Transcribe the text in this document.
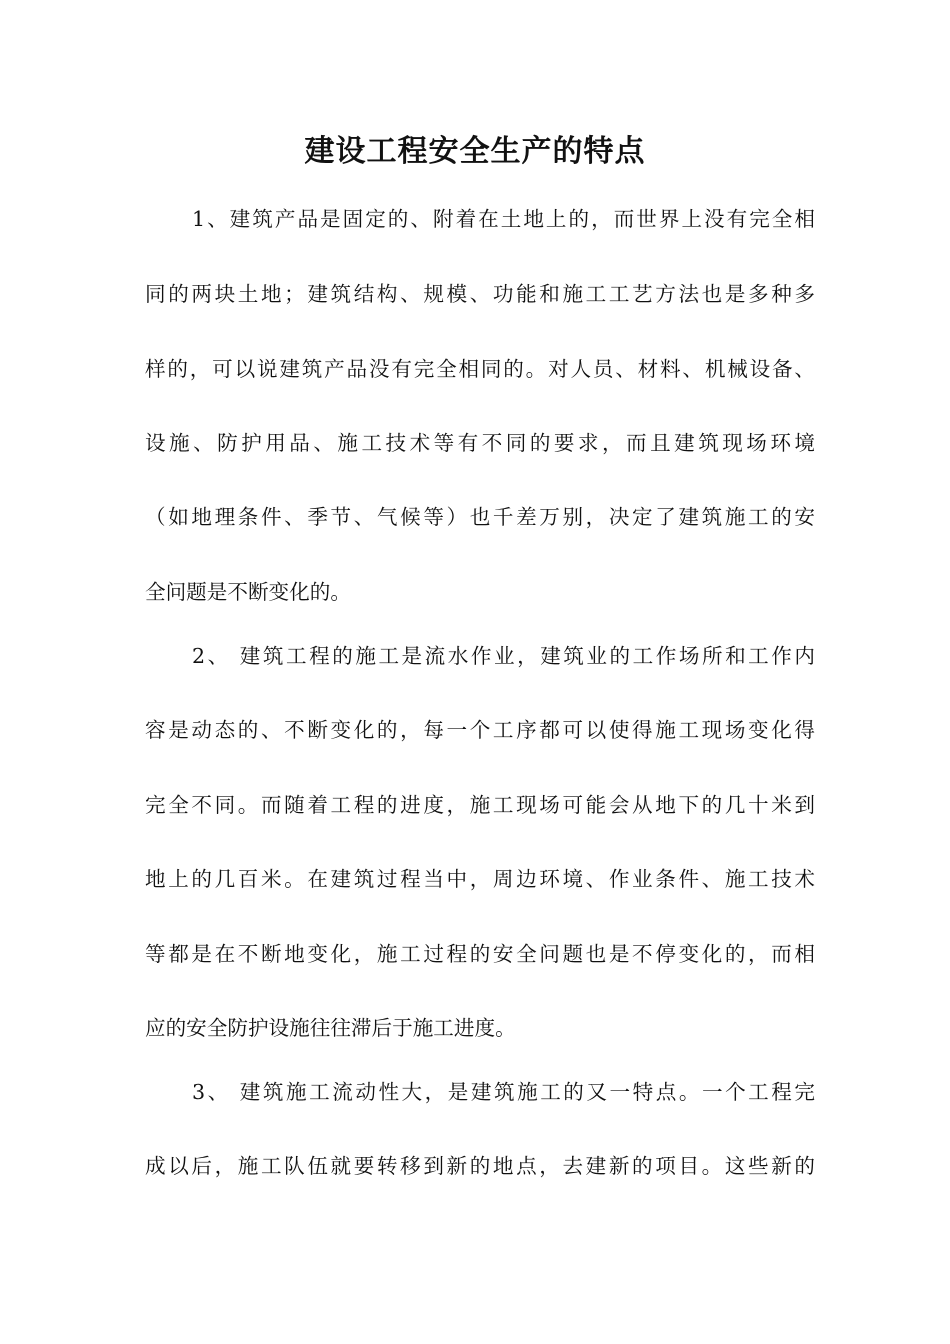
建设工程安全生产的特点
1、建筑产品是固定的、附着在土地上的，而世界上没有完全相
同的两块土地；建筑结构、规模、功能和施工工艺方法也是多种多
样的，可以说建筑产品没有完全相同的。对人员、材料、机械设备、
设施、防护用品、施工技术等有不同的要求，而且建筑现场环境
（如地理条件、季节、气候等）也千差万别，决定了建筑施工的安
全问题是不断变化的。
2、 建筑工程的施工是流水作业，建筑业的工作场所和工作内
容是动态的、不断变化的，每一个工序都可以使得施工现场变化得
完全不同。而随着工程的进度，施工现场可能会从地下的几十米到
地上的几百米。在建筑过程当中，周边环境、作业条件、施工技术
等都是在不断地变化，施工过程的安全问题也是不停变化的，而相
应的安全防护设施往往滞后于施工进度。
3、 建筑施工流动性大，是建筑施工的又一特点。一个工程完
成以后，施工队伍就要转移到新的地点，去建新的项目。这些新的
